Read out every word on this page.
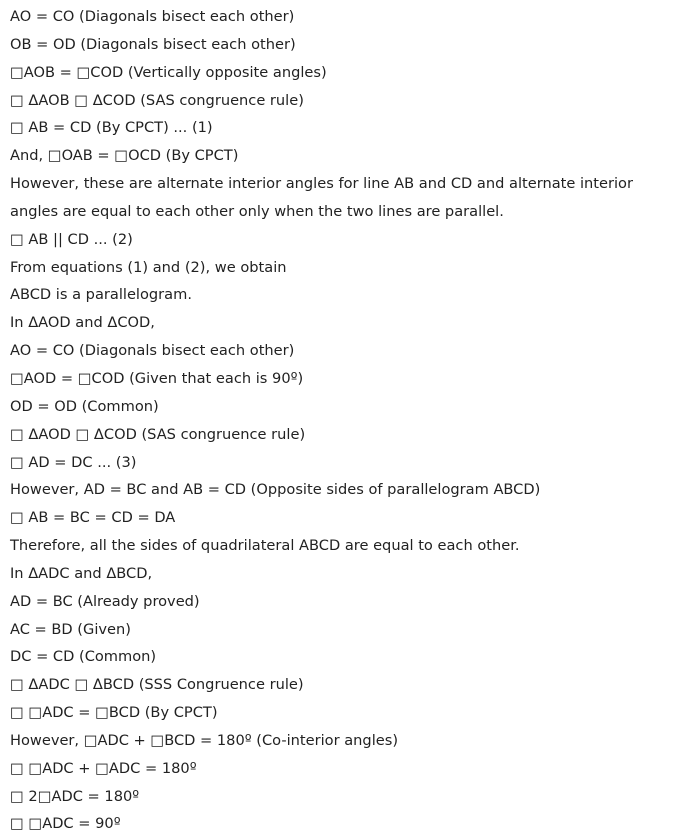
AO = CO (Diagonals bisect each other)

OB = OD (Diagonals bisect each other)

□AOB = □COD (Vertically opposite angles)

□ ΔAOB □ ΔCOD (SAS congruence rule)

□ AB = CD (By CPCT) ... (1)

And, □OAB = □OCD (By CPCT)

However, these are alternate interior angles for line AB and CD and alternate interior

angles are equal to each other only when the two lines are parallel.

□ AB || CD ... (2)

From equations (1) and (2), we obtain

ABCD is a parallelogram.

In ΔAOD and ΔCOD,

AO = CO (Diagonals bisect each other)

□AOD = □COD (Given that each is 90º)

OD = OD (Common)

□ ΔAOD □ ΔCOD (SAS congruence rule)

□ AD = DC ... (3)

However, AD = BC and AB = CD (Opposite sides of parallelogram ABCD)

□ AB = BC = CD = DA

Therefore, all the sides of quadrilateral ABCD are equal to each other.

In ΔADC and ΔBCD,

AD = BC (Already proved)

AC = BD (Given)

DC = CD (Common)

□ ΔADC □ ΔBCD (SSS Congruence rule)

□ □ADC = □BCD (By CPCT)

However, □ADC + □BCD = 180º (Co-interior angles)

□ □ADC + □ADC = 180º

□ 2□ADC = 180º

□ □ADC = 90º
